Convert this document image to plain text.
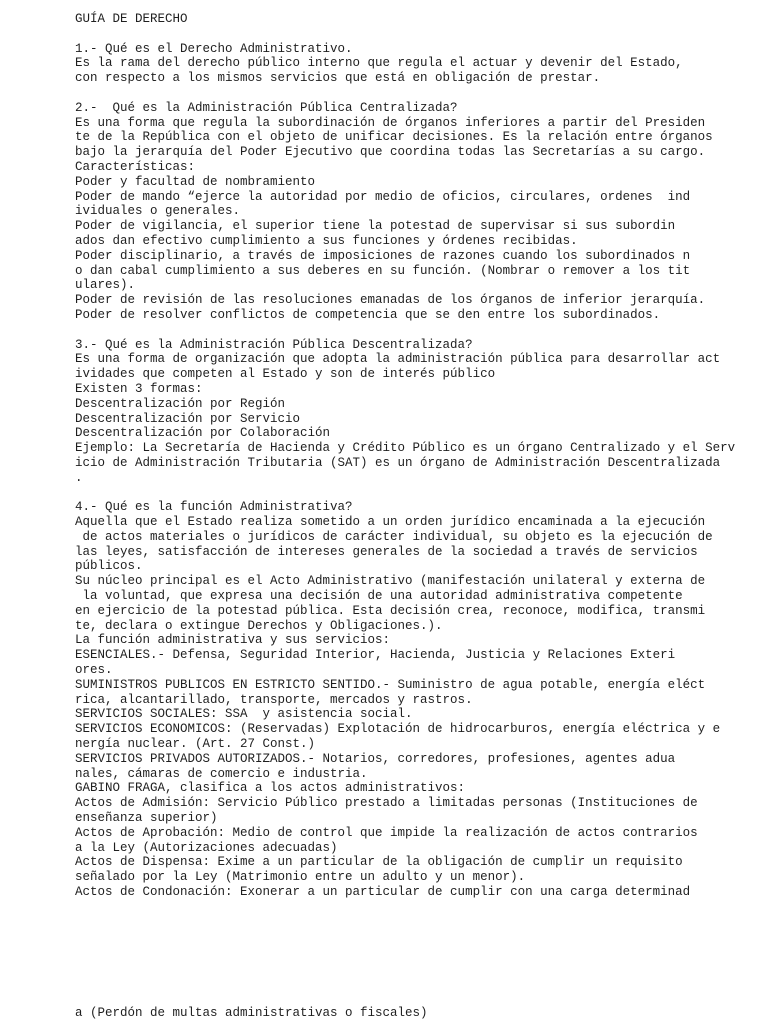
GUÍA DE DERECHO
1.- Qué es el Derecho Administrativo.
Es la rama del derecho público interno que regula el actuar y devenir del Estado,
con respecto a los mismos servicios que está en obligación de prestar.
2.-  Qué es la Administración Pública Centralizada?
Es una forma que regula la subordinación de órganos inferiores a partir del Presiden
te de la República con el objeto de unificar decisiones. Es la relación entre órganos
bajo la jerarquía del Poder Ejecutivo que coordina todas las Secretarías a su cargo.
Características:
Poder y facultad de nombramiento
Poder de mando “ejerce la autoridad por medio de oficios, circulares, ordenes  ind
ividuales o generales.
Poder de vigilancia, el superior tiene la potestad de supervisar si sus subordin
ados dan efectivo cumplimiento a sus funciones y órdenes recibidas.
Poder disciplinario, a través de imposiciones de razones cuando los subordinados n
o dan cabal cumplimiento a sus deberes en su función. (Nombrar o remover a los tit
ulares).
Poder de revisión de las resoluciones emanadas de los órganos de inferior jerarquía.
Poder de resolver conflictos de competencia que se den entre los subordinados.
3.- Qué es la Administración Pública Descentralizada?
Es una forma de organización que adopta la administración pública para desarrollar act
ividades que competen al Estado y son de interés público
Existen 3 formas:
Descentralización por Región
Descentralización por Servicio
Descentralización por Colaboración
Ejemplo: La Secretaría de Hacienda y Crédito Público es un órgano Centralizado y el Serv
icio de Administración Tributaria (SAT) es un órgano de Administración Descentralizada
.
4.- Qué es la función Administrativa?
Aquella que el Estado realiza sometido a un orden jurídico encaminada a la ejecución
de actos materiales o jurídicos de carácter individual, su objeto es la ejecución de
las leyes, satisfacción de intereses generales de la sociedad a través de servicios
públicos.
Su núcleo principal es el Acto Administrativo (manifestación unilateral y externa de
la voluntad, que expresa una decisión de una autoridad administrativa competente
en ejercicio de la potestad pública. Esta decisión crea, reconoce, modifica, transmi
te, declara o extingue Derechos y Obligaciones.).
La función administrativa y sus servicios:
ESENCIALES.- Defensa, Seguridad Interior, Hacienda, Justicia y Relaciones Exteri
ores.
SUMINISTROS PUBLICOS EN ESTRICTO SENTIDO.- Suministro de agua potable, energía eléct
rica, alcantarillado, transporte, mercados y rastros.
SERVICIOS SOCIALES: SSA  y asistencia social.
SERVICIOS ECONOMICOS: (Reservadas) Explotación de hidrocarburos, energía eléctrica y e
nergía nuclear. (Art. 27 Const.)
SERVICIOS PRIVADOS AUTORIZADOS.- Notarios, corredores, profesiones, agentes adua
nales, cámaras de comercio e industria.
GABINO FRAGA, clasifica a los actos administrativos:
Actos de Admisión: Servicio Público prestado a limitadas personas (Instituciones de
enseñanza superior)
Actos de Aprobación: Medio de control que impide la realización de actos contrarios
a la Ley (Autorizaciones adecuadas)
Actos de Dispensa: Exime a un particular de la obligación de cumplir un requisito
señalado por la Ley (Matrimonio entre un adulto y un menor).
Actos de Condonación: Exonerar a un particular de cumplir con una carga determinad
a (Perdón de multas administrativas o fiscales)
